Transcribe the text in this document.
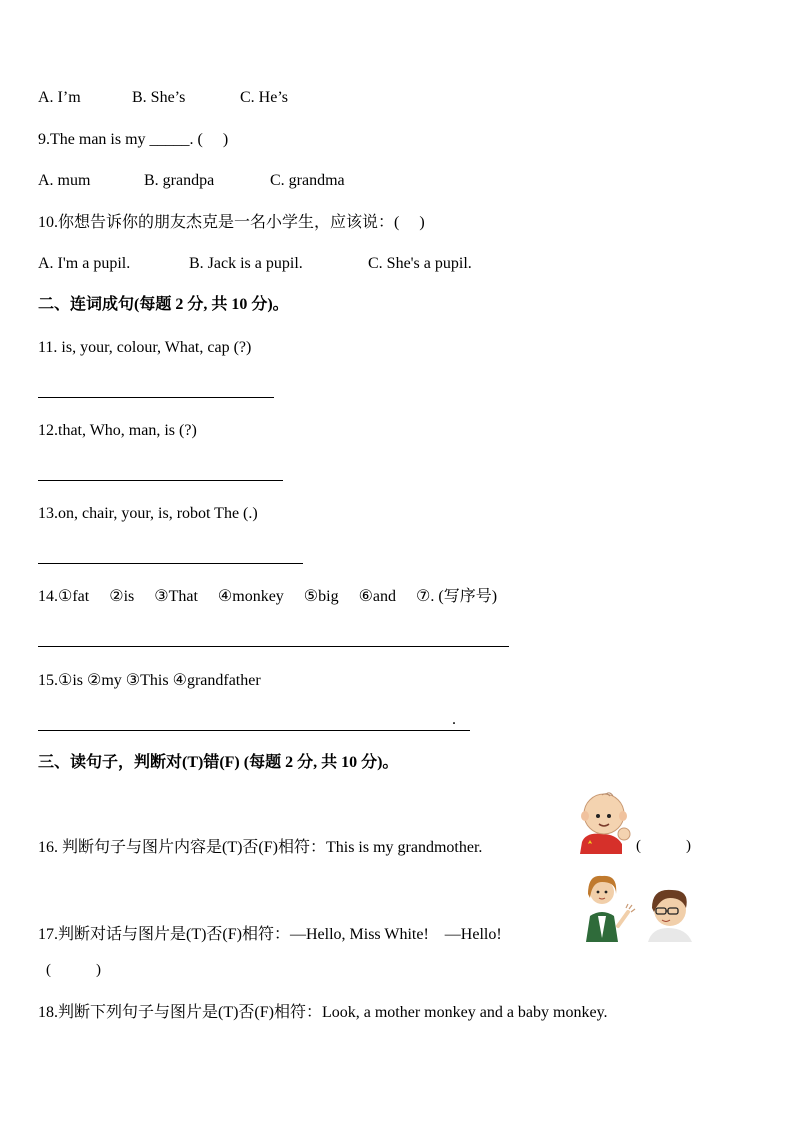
A. I’m	B. She’s	C. He’s
9.The man is my _____. (     )
A. mum	B. grandpa	C. grandma
10.你想告诉你的朋友杰克是一名小学生，应该说：(     )
A. I'm a pupil.	B. Jack is a pupil.	C. She's a pupil.
二、连词成句(每题 2 分, 共 10 分)。
11. is, your, colour, What, cap (?)
12.that, Who, man, is (?)
13.on, chair, your, is, robot The (.)
14.①fat     ②is     ③That     ④monkey     ⑤big     ⑥and     ⑦. (写序号)
15.①is ②my ③This ④grandfather
.
三、读句子，判断对(T)错(F) (每题 2 分, 共 10 分)。
16. 判断句子与图片内容是(T)否(F)相符：This is my grandmother.	(            )
17.判断对话与图片是(T)否(F)相符：—Hello, Miss White!    —Hello!
(            )
18.判断下列句子与图片是(T)否(F)相符：Look, a mother monkey and a baby monkey.
